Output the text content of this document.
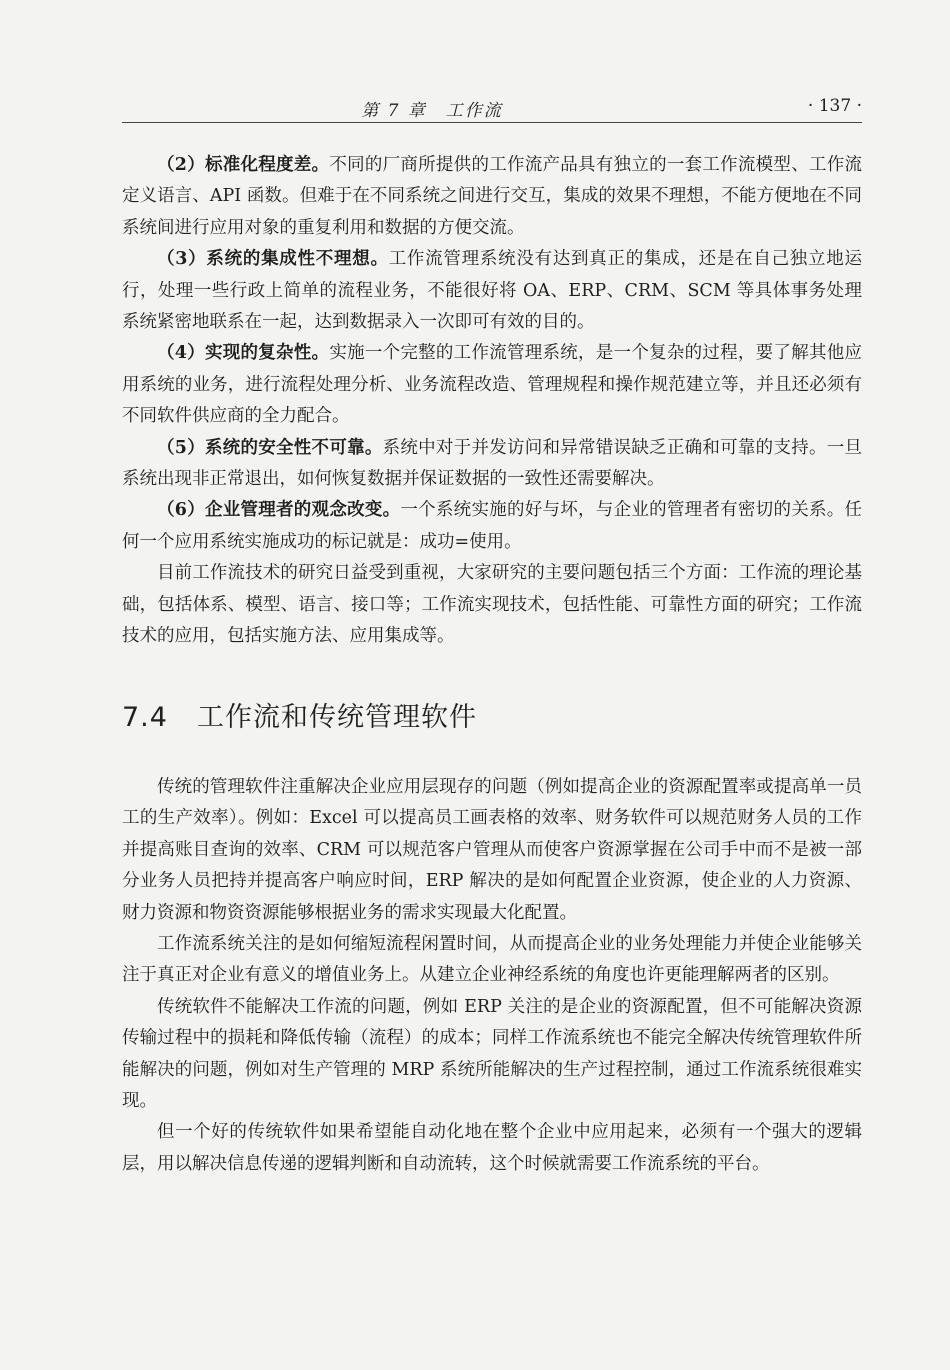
第 7 章　工作流	· 137 ·

（2）标准化程度差。不同的厂商所提供的工作流产品具有独立的一套工作流模型、工作流定义语言、API 函数。但难于在不同系统之间进行交互，集成的效果不理想，不能方便地在不同系统间进行应用对象的重复利用和数据的方便交流。

（3）系统的集成性不理想。工作流管理系统没有达到真正的集成，还是在自己独立地运行，处理一些行政上简单的流程业务，不能很好将 OA、ERP、CRM、SCM 等具体事务处理系统紧密地联系在一起，达到数据录入一次即可有效的目的。

（4）实现的复杂性。实施一个完整的工作流管理系统，是一个复杂的过程，要了解其他应用系统的业务，进行流程处理分析、业务流程改造、管理规程和操作规范建立等，并且还必须有不同软件供应商的全力配合。

（5）系统的安全性不可靠。系统中对于并发访问和异常错误缺乏正确和可靠的支持。一旦系统出现非正常退出，如何恢复数据并保证数据的一致性还需要解决。

（6）企业管理者的观念改变。一个系统实施的好与坏，与企业的管理者有密切的关系。任何一个应用系统实施成功的标记就是：成功=使用。

目前工作流技术的研究日益受到重视，大家研究的主要问题包括三个方面：工作流的理论基础，包括体系、模型、语言、接口等；工作流实现技术，包括性能、可靠性方面的研究；工作流技术的应用，包括实施方法、应用集成等。

7.4 工作流和传统管理软件

传统的管理软件注重解决企业应用层现存的问题（例如提高企业的资源配置率或提高单一员工的生产效率）。例如：Excel 可以提高员工画表格的效率、财务软件可以规范财务人员的工作并提高账目查询的效率、CRM 可以规范客户管理从而使客户资源掌握在公司手中而不是被一部分业务人员把持并提高客户响应时间，ERP 解决的是如何配置企业资源，使企业的人力资源、财力资源和物资资源能够根据业务的需求实现最大化配置。

工作流系统关注的是如何缩短流程闲置时间，从而提高企业的业务处理能力并使企业能够关注于真正对企业有意义的增值业务上。从建立企业神经系统的角度也许更能理解两者的区别。

传统软件不能解决工作流的问题，例如 ERP 关注的是企业的资源配置，但不可能解决资源传输过程中的损耗和降低传输（流程）的成本；同样工作流系统也不能完全解决传统管理软件所能解决的问题，例如对生产管理的 MRP 系统所能解决的生产过程控制，通过工作流系统很难实现。

但一个好的传统软件如果希望能自动化地在整个企业中应用起来，必须有一个强大的逻辑层，用以解决信息传递的逻辑判断和自动流转，这个时候就需要工作流系统的平台。
